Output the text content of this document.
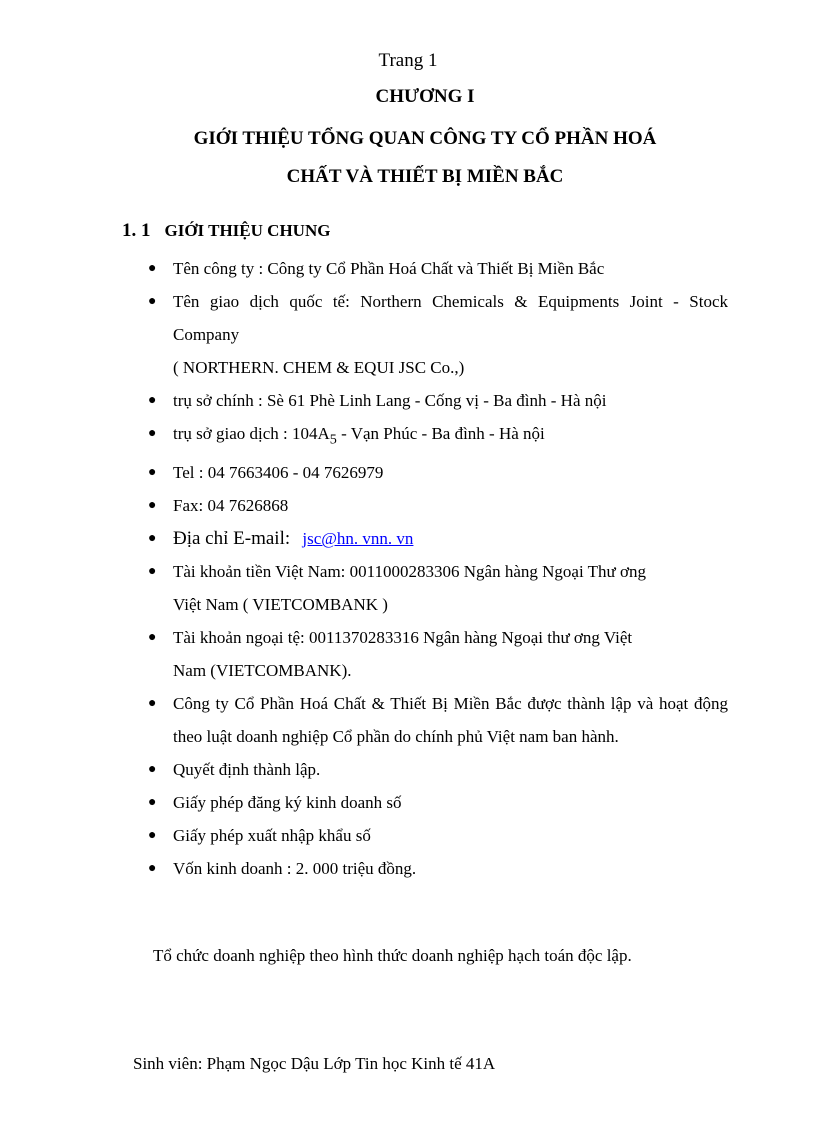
Trang 1
CHƯƠNG I
GIỚI THIỆU TỔNG QUAN CÔNG TY CỔ PHẦN HOÁ
CHẤT VÀ THIẾT BỊ MIỀN BẮC
1. 1 GIỚI THIỆU CHUNG
● Tên công ty : Công ty Cổ Phần Hoá Chất và Thiết Bị Miền Bắc
● Tên giao dịch quốc tế: Northern Chemicals & Equipments Joint - Stock Company
( NORTHERN. CHEM & EQUI JSC Co.,)
● trụ sở chính : Sè 61 Phè Linh Lang - Cống vị - Ba đình - Hà nội
● trụ sở giao dịch : $104A_5$ - Vạn Phúc - Ba đình - Hà nội
● Tel : 04 7663406 - 04 7626979
● Fax: 04 7626868
● Địa chỉ E-mail: jsc@hn. vnn. vn
● Tài khoản tiền Việt Nam: 0011000283306 Ngân hàng Ngoại Thư ơng
Việt Nam ( VIETCOMBANK )
● Tài khoản ngoại tệ: 0011370283316 Ngân hàng Ngoại thư ơng Việt
Nam (VIETCOMBANK).
● Công ty Cổ Phần Hoá Chất & Thiết Bị Miền Bắc được thành lập và hoạt động theo luật doanh nghiệp Cổ phần do chính phủ Việt nam ban hành.
● Quyết định thành lập.
● Giấy phép đăng ký kinh doanh số
● Giấy phép xuất nhập khẩu số
● Vốn kinh doanh : 2. 000 triệu đồng.
Tổ chức doanh nghiệp theo hình thức doanh nghiệp hạch toán độc lập.
Sinh viên: Phạm Ngọc Dậu Lớp Tin học Kinh tế 41A
